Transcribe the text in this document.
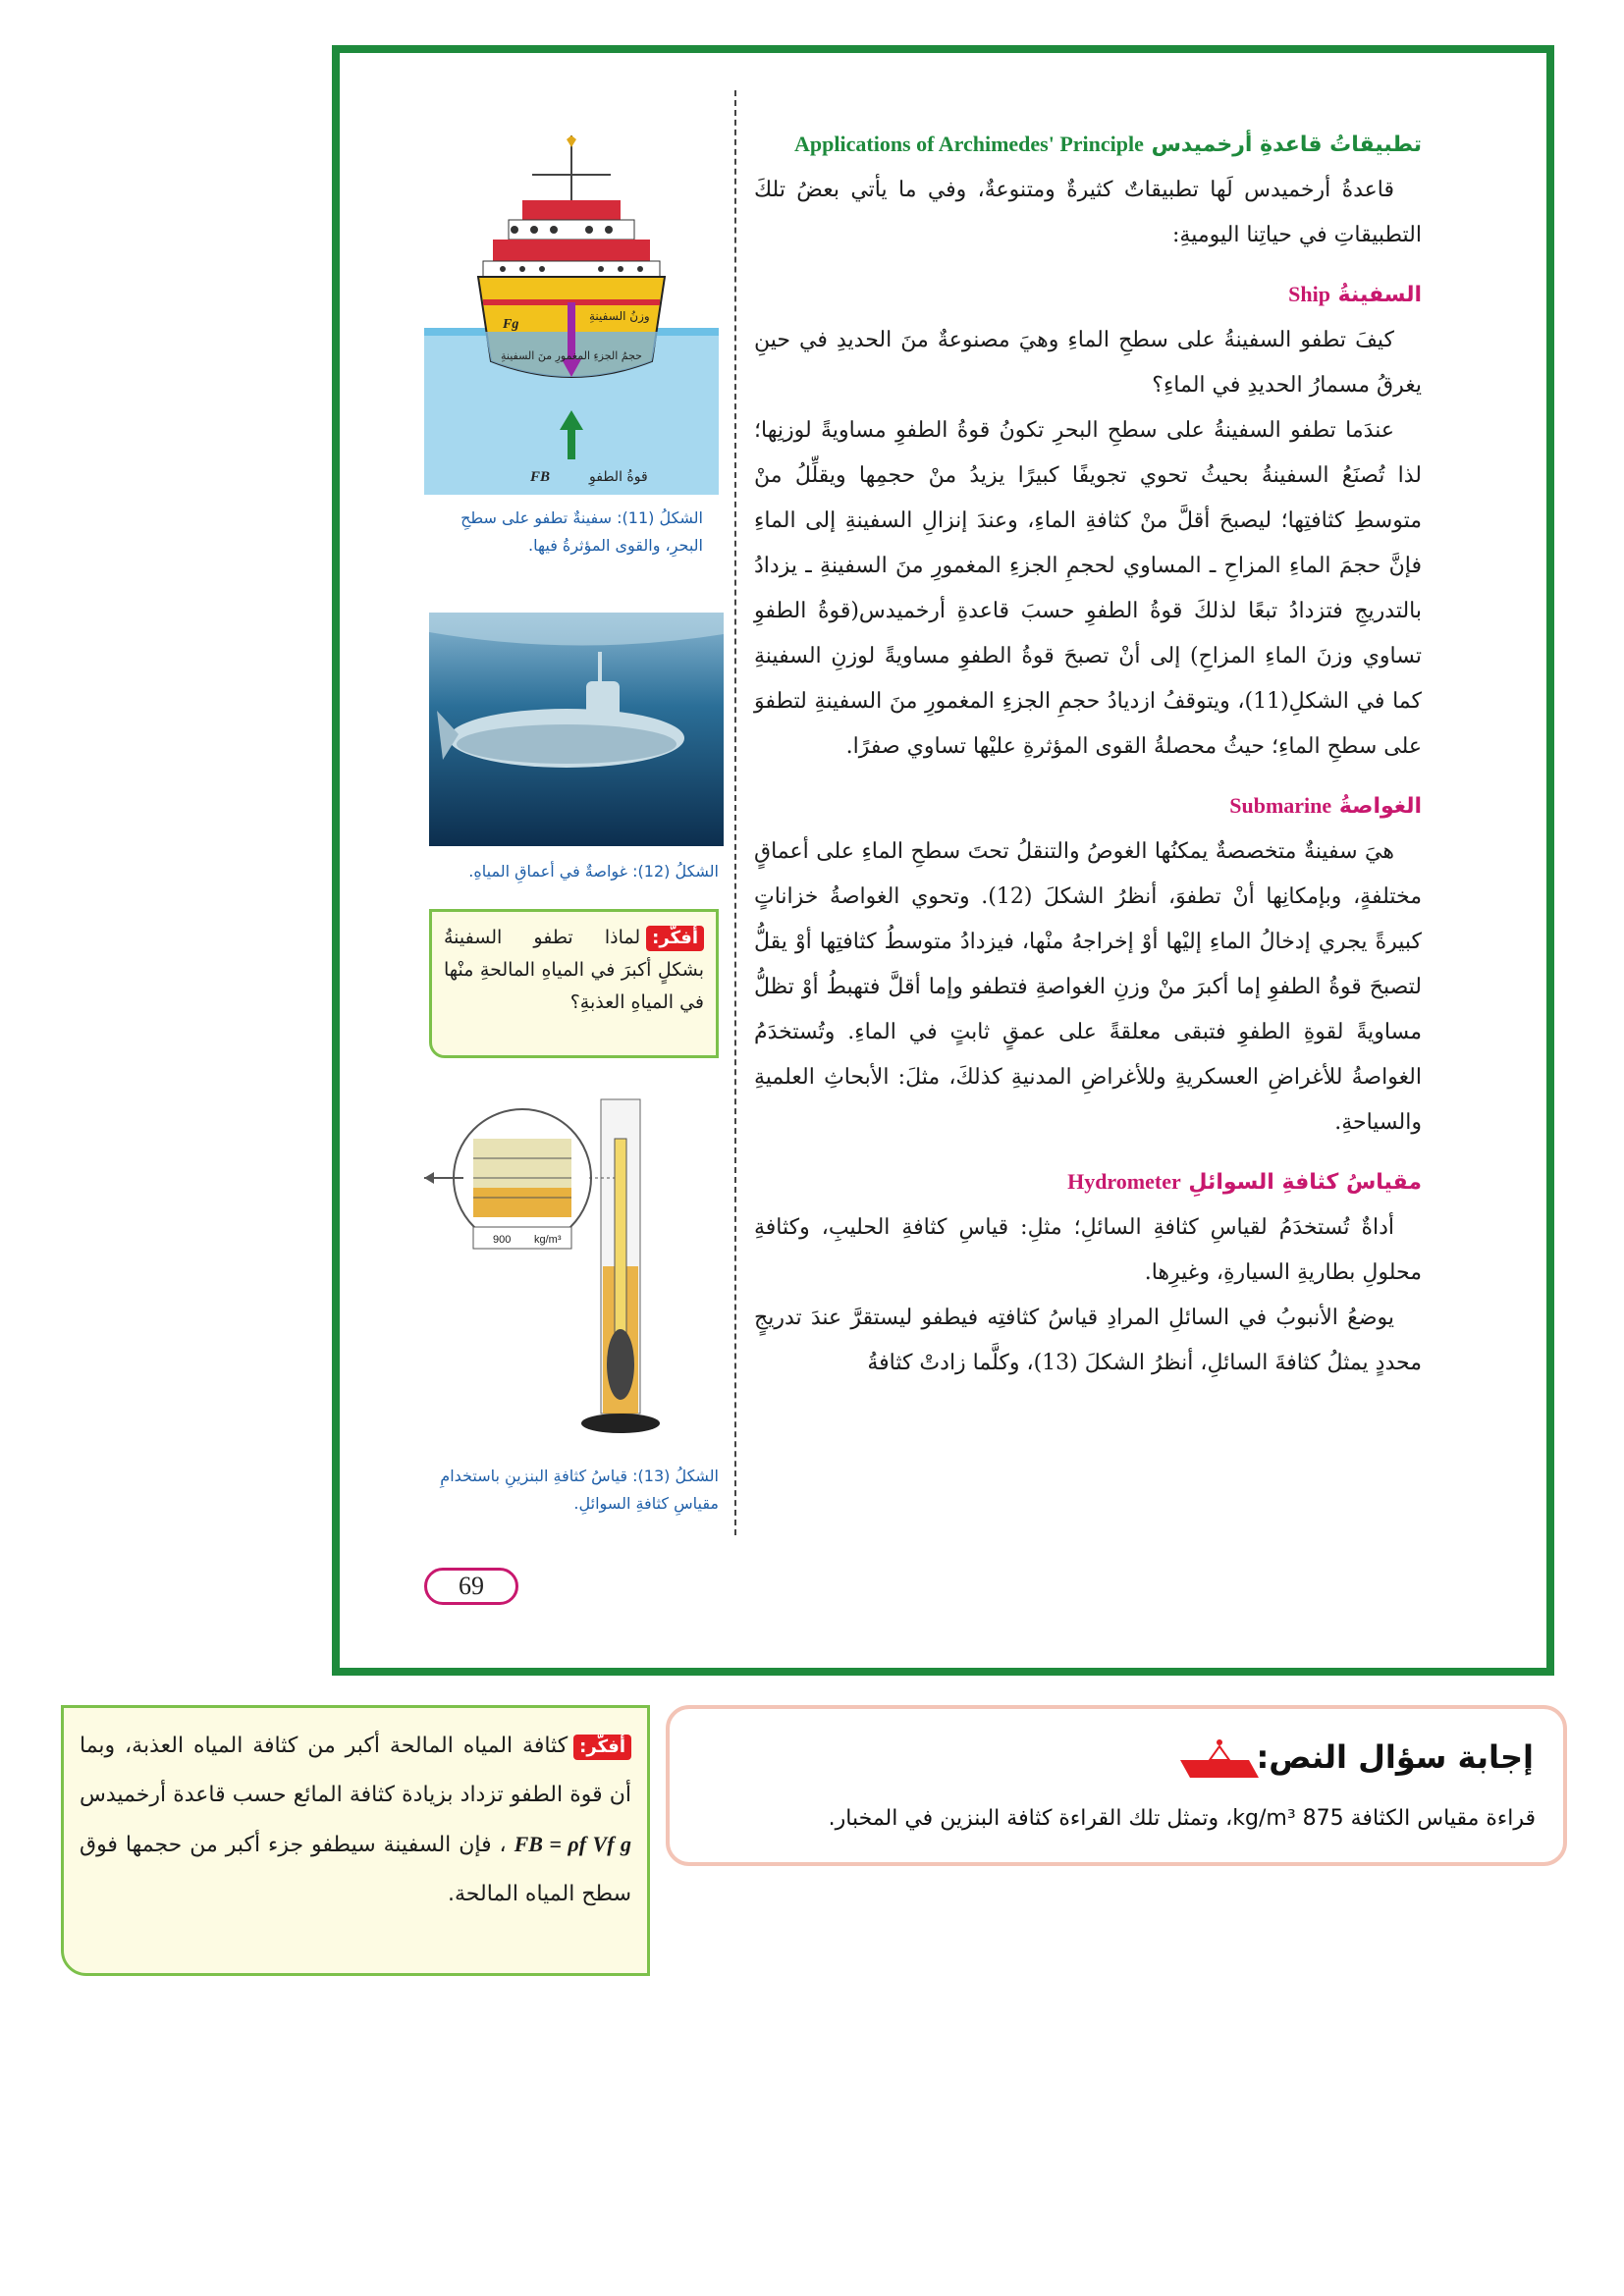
تطبيقاتُ قاعدةِ أرخميدس Applications of Archimedes' Principle

قاعدةُ أرخميدس لَها تطبيقاتٌ كثيرةٌ ومتنوعةٌ، وفي ما يأتي بعضُ تلكَ التطبيقاتِ في حياتِنا اليوميةِ:

السفينةُ Ship

كيفَ تطفو السفينةُ على سطحِ الماءِ وهيَ مصنوعةٌ منَ الحديدِ في حينِ يغرقُ مسمارُ الحديدِ في الماءِ؟

عندَما تطفو السفينةُ على سطحِ البحرِ تكونُ قوةُ الطفوِ مساويةً لوزنِها؛ لذا تُصنَعُ السفينةُ بحيثُ تحوي تجويفًا كبيرًا يزيدُ منْ حجمِها ويقلِّلُ منْ متوسطِ كثافتِها؛ ليصبحَ أقلَّ منْ كثافةِ الماءِ، وعندَ إنزالِ السفينةِ إلى الماءِ فإنَّ حجمَ الماءِ المزاحِ ـ المساوي لحجمِ الجزءِ المغمورِ منَ السفينةِ ـ يزدادُ بالتدريجِ فتزدادُ تبعًا لذلكَ قوةُ الطفوِ حسبَ قاعدةِ أرخميدس(قوةُ الطفوِ تساوي وزنَ الماءِ المزاحِ) إلى أنْ تصبحَ قوةُ الطفوِ مساويةً لوزنِ السفينةِ كما في الشكلِ(11)، ويتوقفُ ازديادُ حجمِ الجزءِ المغمورِ منَ السفينةِ لتطفوَ على سطحِ الماءِ؛ حيثُ محصلةُ القوى المؤثرةِ عليْها تساوي صفرًا.

الغواصةُ Submarine

هيَ سفينةٌ متخصصةٌ يمكنُها الغوصُ والتنقلُ تحتَ سطحِ الماءِ على أعماقٍ مختلفةٍ، وبإمكانِها أنْ تطفوَ، أنظرُ الشكلَ (12). وتحوي الغواصةُ خزاناتٍ كبيرةً يجري إدخالُ الماءِ إليْها أوْ إخراجهُ منْها، فيزدادُ متوسطُ كثافتِها أوْ يقلُّ لتصبحَ قوةُ الطفوِ إما أكبرَ منْ وزنِ الغواصةِ فتطفو وإما أقلَّ فتهبطُ أوْ تظلُّ مساويةً لقوةِ الطفوِ فتبقى معلقةً على عمقٍ ثابتٍ في الماءِ. وتُستخدَمُ الغواصةُ للأغراضِ العسكريةِ وللأغراضِ المدنيةِ كذلكَ، مثلَ: الأبحاثِ العلميةِ والسياحةِ.

مقياسُ كثافةِ السوائلِ Hydrometer

أداةٌ تُستخدَمُ لقياسِ كثافةِ السائلِ؛ مثلِ: قياسِ كثافةِ الحليبِ، وكثافةِ محلولِ بطاريةِ السيارةِ، وغيرِها.

يوضعُ الأنبوبُ في السائلِ المرادِ قياسُ كثافتِه فيطفو ليستقرَّ عندَ تدريجٍ محددٍ يمثلُ كثافةَ السائلِ، أنظرُ الشكلَ (13)، وكلَّما زادتْ كثافةُ

وزنُ السفينةِ
Fg
حجمُ الجزءِ المغمورِ منَ السفينةِ
قوةُ الطفوِ
FB
الشكلُ (11): سفينةٌ تطفو على سطحِ البحرِ، والقوى المؤثرةُ فيها.
الشكلُ (12): غواصةٌ في أعماقِ المياهِ.
أفكّر:لماذا تطفو السفينةُ بشكلٍ أكبرَ في المياهِ المالحةِ منْها في المياهِ العذبةِ؟
900 kg/m³
الشكلُ (13): قياسُ كثافةِ البنزينِ باستخدامِ مقياسِ كثافةِ السوائلِ.
69
إجابة سؤال النص:
قراءة مقياس الكثافة 875 kg/m³، وتمثل تلك القراءة كثافة البنزين في المخبار.
أفكّر:كثافة المياه المالحة أكبر من كثافة المياه العذبة، وبما أن قوة الطفو تزداد بزيادة كثافة المائع حسب قاعدة أرخميدس FB = ρf Vf g ، فإن السفينة سيطفو جزء أكبر من حجمها فوق سطح المياه المالحة.
